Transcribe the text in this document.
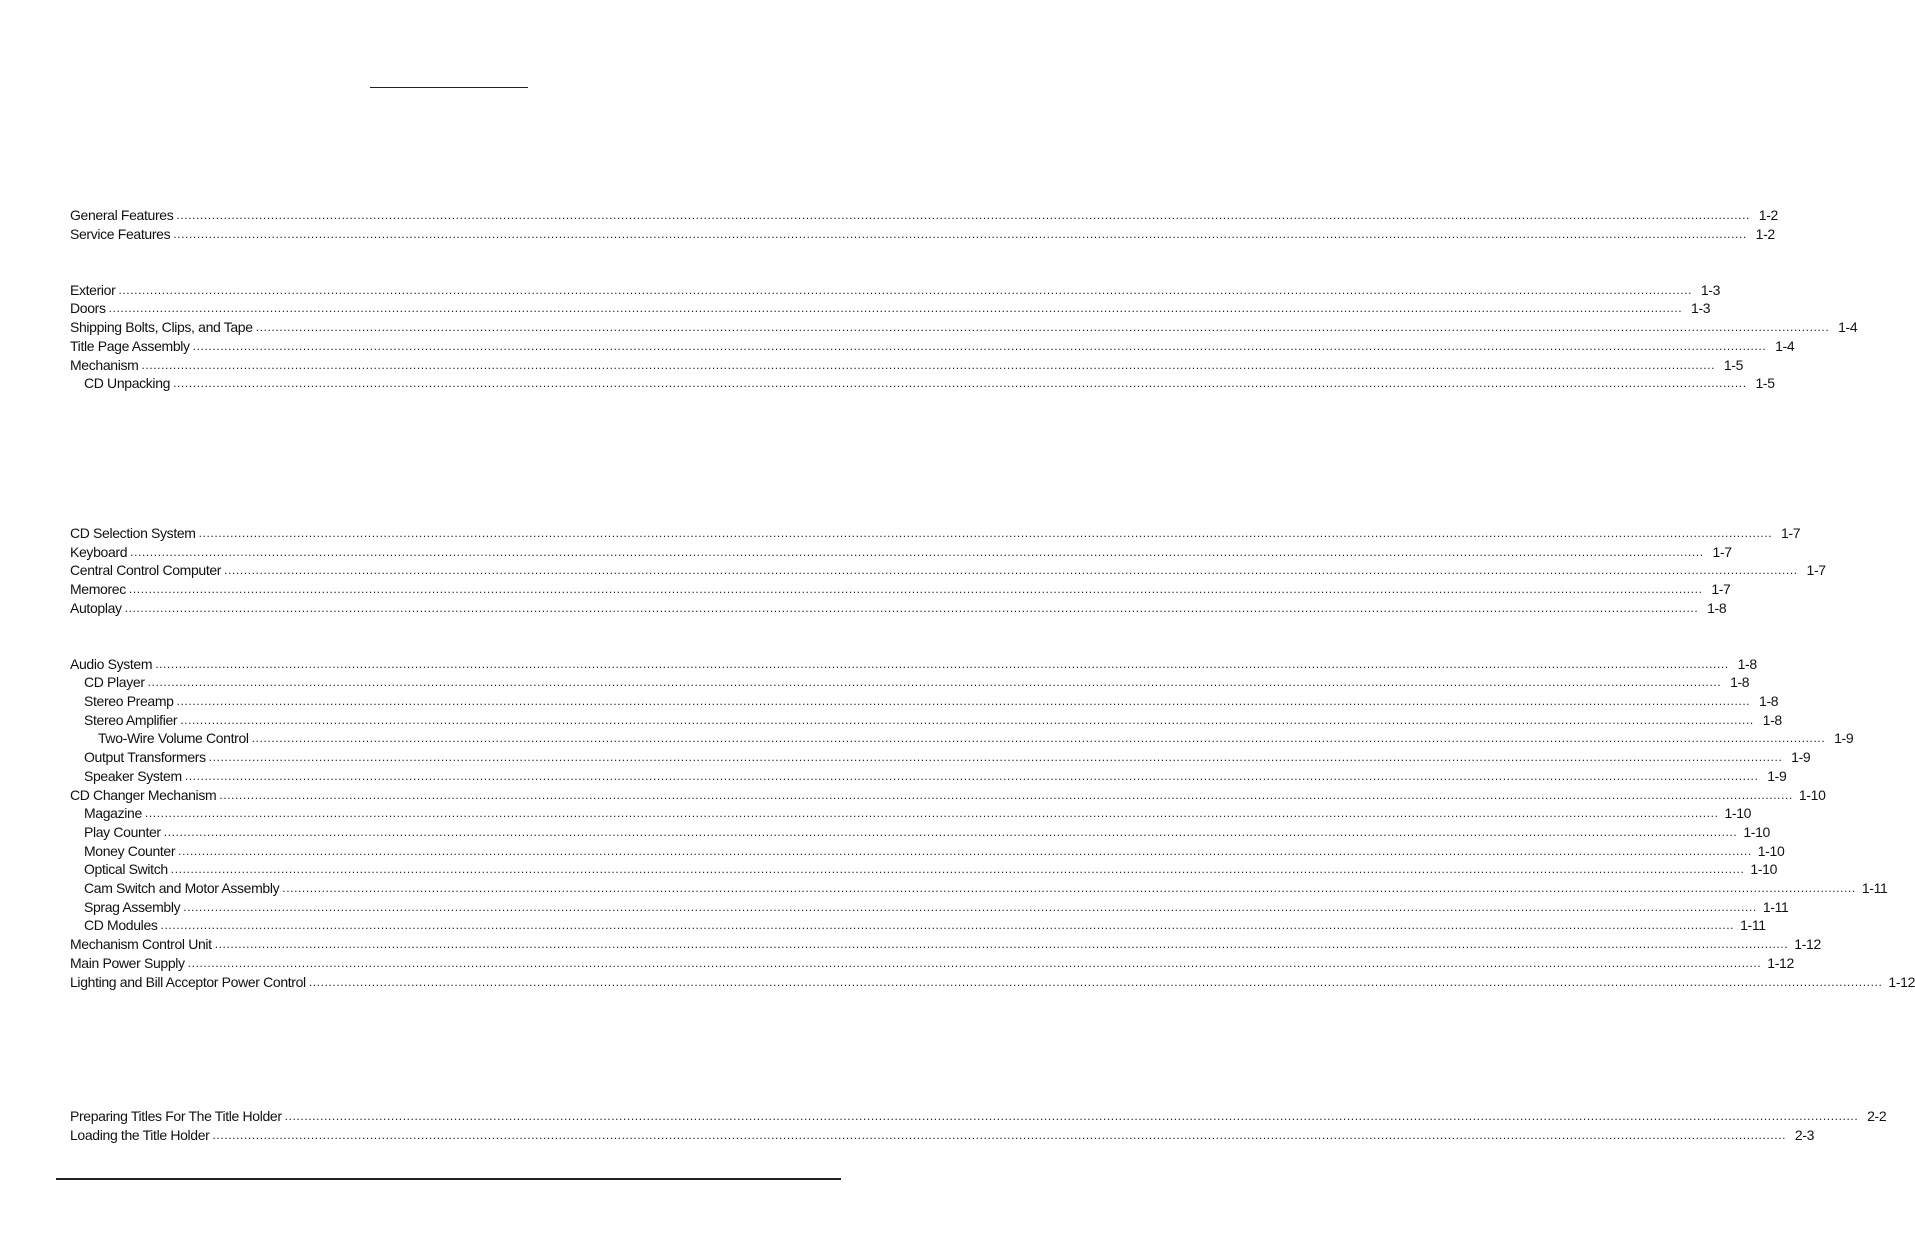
General Features ................................................................................................................................................................................................................................................................................................................................................................................................................ 1-2
Service Features ................................................................................................................................................................................................................................................................................................................................................................................................................ 1-2
Exterior ................................................................................................................................................................................................................................................................................................................................................................................................................ 1-3
Doors ................................................................................................................................................................................................................................................................................................................................................................................................................ 1-3
Shipping Bolts, Clips, and Tape ................................................................................................................................................................................................................................................................................................................................................................................................................ 1-4
Title Page Assembly ................................................................................................................................................................................................................................................................................................................................................................................................................ 1-4
Mechanism ................................................................................................................................................................................................................................................................................................................................................................................................................ 1-5
CD Unpacking ................................................................................................................................................................................................................................................................................................................................................................................................................ 1-5
CD Selection System ................................................................................................................................................................................................................................................................................................................................................................................................................ 1-7
Keyboard ................................................................................................................................................................................................................................................................................................................................................................................................................ 1-7
Central Control Computer ................................................................................................................................................................................................................................................................................................................................................................................................................ 1-7
Memorec ................................................................................................................................................................................................................................................................................................................................................................................................................ 1-7
Autoplay ................................................................................................................................................................................................................................................................................................................................................................................................................ 1-8
Audio System ................................................................................................................................................................................................................................................................................................................................................................................................................ 1-8
CD Player ................................................................................................................................................................................................................................................................................................................................................................................................................ 1-8
Stereo Preamp ................................................................................................................................................................................................................................................................................................................................................................................................................ 1-8
Stereo Amplifier ................................................................................................................................................................................................................................................................................................................................................................................................................ 1-8
Two-Wire Volume Control ................................................................................................................................................................................................................................................................................................................................................................................................................ 1-9
Output Transformers ................................................................................................................................................................................................................................................................................................................................................................................................................ 1-9
Speaker System ................................................................................................................................................................................................................................................................................................................................................................................................................ 1-9
CD Changer Mechanism ................................................................................................................................................................................................................................................................................................................................................................................................................ 1-10
Magazine ................................................................................................................................................................................................................................................................................................................................................................................................................ 1-10
Play Counter ................................................................................................................................................................................................................................................................................................................................................................................................................ 1-10
Money Counter ................................................................................................................................................................................................................................................................................................................................................................................................................ 1-10
Optical Switch ................................................................................................................................................................................................................................................................................................................................................................................................................ 1-10
Cam Switch and Motor Assembly ................................................................................................................................................................................................................................................................................................................................................................................................................ 1-11
Sprag Assembly ................................................................................................................................................................................................................................................................................................................................................................................................................ 1-11
CD Modules ................................................................................................................................................................................................................................................................................................................................................................................................................ 1-11
Mechanism Control Unit ................................................................................................................................................................................................................................................................................................................................................................................................................ 1-12
Main Power Supply ................................................................................................................................................................................................................................................................................................................................................................................................................ 1-12
Lighting and Bill Acceptor Power Control ................................................................................................................................................................................................................................................................................................................................................................................................................ 1-12
Preparing Titles For The Title Holder ................................................................................................................................................................................................................................................................................................................................................................................................................ 2-2
Loading the Title Holder ................................................................................................................................................................................................................................................................................................................................................................................................................ 2-3
